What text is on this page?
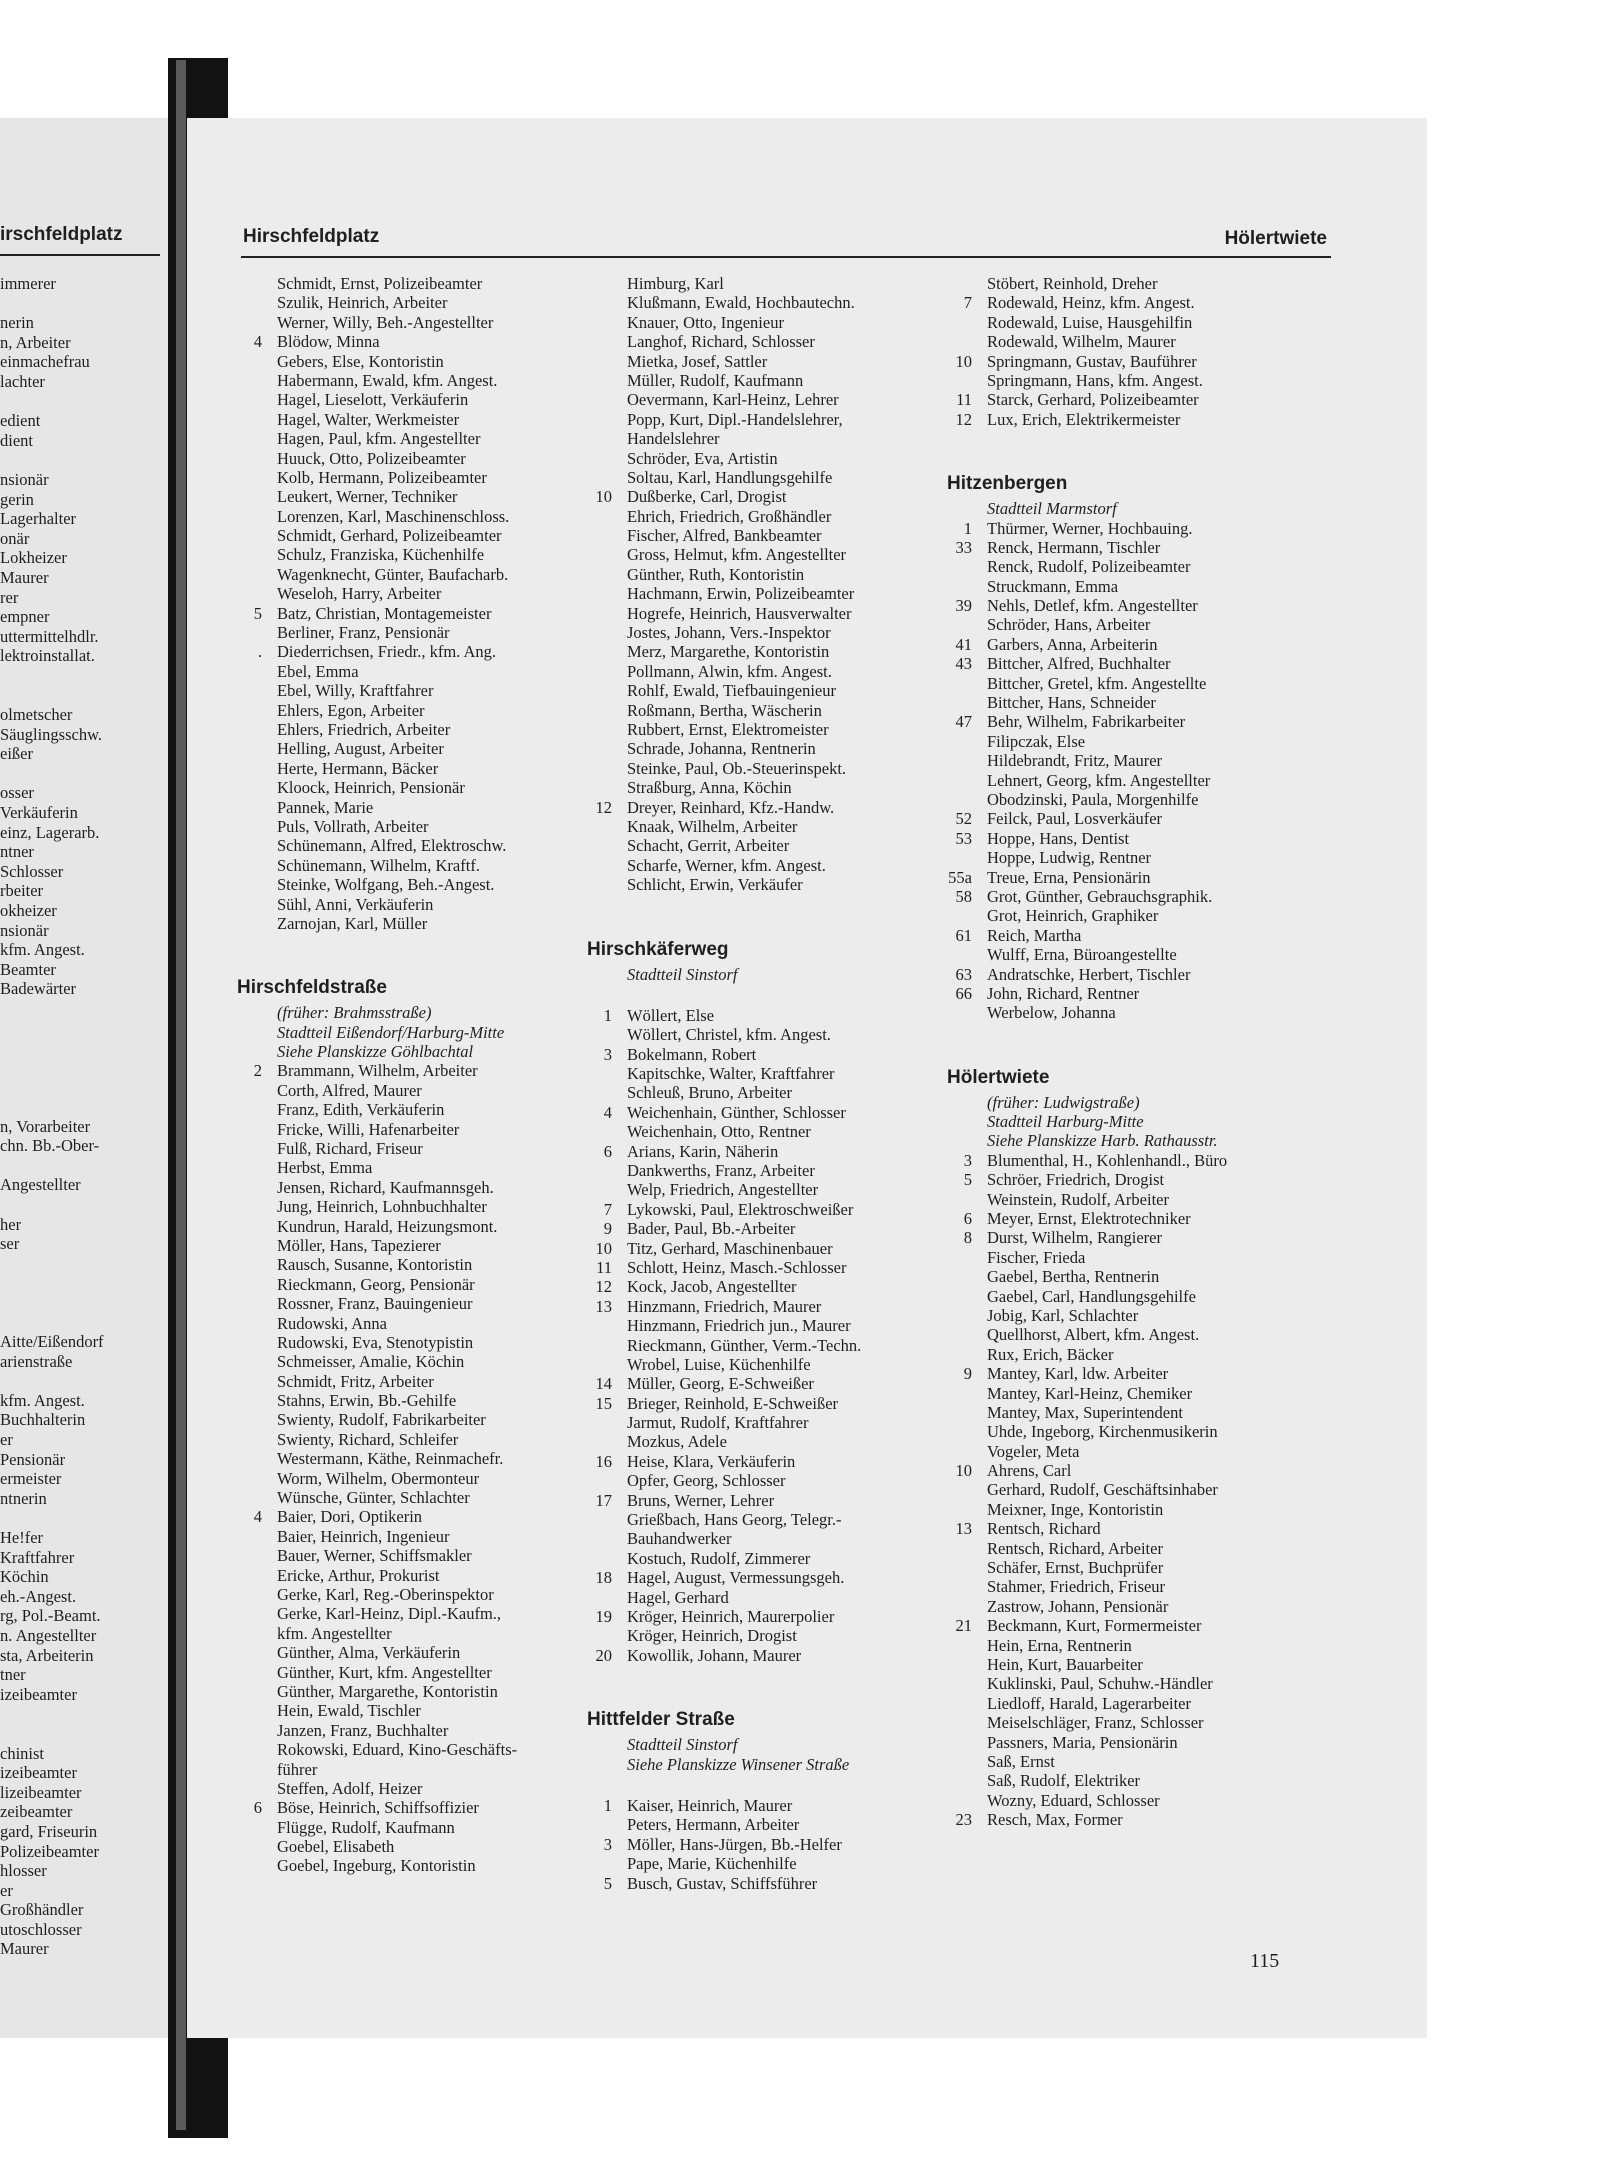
irschfeldplatz
immerer
nerin
n, Arbeiter
einmachefrau
lachter
edient
dient
nsionär
gerin
Lagerhalter
onär
Lokheizer
Maurer
rer
empner
uttermittelhdlr.
lektroinstallat.
olmetscher
Säuglingsschw.
eißer
osser
Verkäuferin
einz, Lagerarb.
ntner
Schlosser
rbeiter
okheizer
nsionär
kfm. Angest.
Beamter
Badewärter
n, Vorarbeiter
chn. Bb.-Ober-
Angestellter
her
ser
Aitte/Eißendorf
arienstraße
kfm. Angest.
Buchhalterin
er
Pensionär
ermeister
ntnerin
He!fer
Kraftfahrer
Köchin
eh.-Angest.
rg, Pol.-Beamt.
n. Angestellter
sta, Arbeiterin
tner
izeibeamter
chinist
izeibeamter
lizeibeamter
zeibeamter
gard, Friseurin
Polizeibeamter
hlosser
er
Großhändler
utoschlosser
Maurer
Hirschfeldplatz	Hölertwiete
Schmidt, Ernst, Polizeibeamter
Szulik, Heinrich, Arbeiter
Werner, Willy, Beh.-Angestellter
4 Blödow, Minna
Gebers, Else, Kontoristin
Habermann, Ewald, kfm. Angest.
Hagel, Lieselott, Verkäuferin
Hagel, Walter, Werkmeister
Hagen, Paul, kfm. Angestellter
Huuck, Otto, Polizeibeamter
Kolb, Hermann, Polizeibeamter
Leukert, Werner, Techniker
Lorenzen, Karl, Maschinenschloss.
Schmidt, Gerhard, Polizeibeamter
Schulz, Franziska, Küchenhilfe
Wagenknecht, Günter, Baufacharb.
Weseloh, Harry, Arbeiter
5 Batz, Christian, Montagemeister
Berliner, Franz, Pensionär
. Diederrichsen, Friedr., kfm. Ang.
Ebel, Emma
Ebel, Willy, Kraftfahrer
Ehlers, Egon, Arbeiter
Ehlers, Friedrich, Arbeiter
Helling, August, Arbeiter
Herte, Hermann, Bäcker
Kloock, Heinrich, Pensionär
Pannek, Marie
Puls, Vollrath, Arbeiter
Schünemann, Alfred, Elektroschw.
Schünemann, Wilhelm, Kraftf.
Steinke, Wolfgang, Beh.-Angest.
Sühl, Anni, Verkäuferin
Zarnojan, Karl, Müller
Hirschfeldstraße
(früher: Brahmsstraße)
Stadtteil Eißendorf/Harburg-Mitte
Siehe Planskizze Göhlbachtal
2 Brammann, Wilhelm, Arbeiter
Corth, Alfred, Maurer
Franz, Edith, Verkäuferin
Fricke, Willi, Hafenarbeiter
Fulß, Richard, Friseur
Herbst, Emma
Jensen, Richard, Kaufmannsgeh.
Jung, Heinrich, Lohnbuchhalter
Kundrun, Harald, Heizungsmont.
Möller, Hans, Tapezierer
Rausch, Susanne, Kontoristin
Rieckmann, Georg, Pensionär
Rossner, Franz, Bauingenieur
Rudowski, Anna
Rudowski, Eva, Stenotypistin
Schmeisser, Amalie, Köchin
Schmidt, Fritz, Arbeiter
Stahns, Erwin, Bb.-Gehilfe
Swienty, Rudolf, Fabrikarbeiter
Swienty, Richard, Schleifer
Westermann, Käthe, Reinmachefr.
Worm, Wilhelm, Obermonteur
Wünsche, Günter, Schlachter
4 Baier, Dori, Optikerin
Baier, Heinrich, Ingenieur
Bauer, Werner, Schiffsmakler
Ericke, Arthur, Prokurist
Gerke, Karl, Reg.-Oberinspektor
Gerke, Karl-Heinz, Dipl.-Kaufm.,
kfm. Angestellter
Günther, Alma, Verkäuferin
Günther, Kurt, kfm. Angestellter
Günther, Margarethe, Kontoristin
Hein, Ewald, Tischler
Janzen, Franz, Buchhalter
Rokowski, Eduard, Kino-Geschäfts-
führer
Steffen, Adolf, Heizer
6 Böse, Heinrich, Schiffsoffizier
Flügge, Rudolf, Kaufmann
Goebel, Elisabeth
Goebel, Ingeburg, Kontoristin
Himburg, Karl
Klußmann, Ewald, Hochbautechn.
Knauer, Otto, Ingenieur
Langhof, Richard, Schlosser
Mietka, Josef, Sattler
Müller, Rudolf, Kaufmann
Oevermann, Karl-Heinz, Lehrer
Popp, Kurt, Dipl.-Handelslehrer,
Handelslehrer
Schröder, Eva, Artistin
Soltau, Karl, Handlungsgehilfe
10 Dußberke, Carl, Drogist
Ehrich, Friedrich, Großhändler
Fischer, Alfred, Bankbeamter
Gross, Helmut, kfm. Angestellter
Günther, Ruth, Kontoristin
Hachmann, Erwin, Polizeibeamter
Hogrefe, Heinrich, Hausverwalter
Jostes, Johann, Vers.-Inspektor
Merz, Margarethe, Kontoristin
Pollmann, Alwin, kfm. Angest.
Rohlf, Ewald, Tiefbauingenieur
Roßmann, Bertha, Wäscherin
Rubbert, Ernst, Elektromeister
Schrade, Johanna, Rentnerin
Steinke, Paul, Ob.-Steuerinspekt.
Straßburg, Anna, Köchin
12 Dreyer, Reinhard, Kfz.-Handw.
Knaak, Wilhelm, Arbeiter
Schacht, Gerrit, Arbeiter
Scharfe, Werner, kfm. Angest.
Schlicht, Erwin, Verkäufer
Hirschkäferweg
Stadtteil Sinstorf
1 Wöllert, Else
Wöllert, Christel, kfm. Angest.
3 Bokelmann, Robert
Kapitschke, Walter, Kraftfahrer
Schleuß, Bruno, Arbeiter
4 Weichenhain, Günther, Schlosser
Weichenhain, Otto, Rentner
6 Arians, Karin, Näherin
Dankwerths, Franz, Arbeiter
Welp, Friedrich, Angestellter
7 Lykowski, Paul, Elektroschweißer
9 Bader, Paul, Bb.-Arbeiter
10 Titz, Gerhard, Maschinenbauer
11 Schlott, Heinz, Masch.-Schlosser
12 Kock, Jacob, Angestellter
13 Hinzmann, Friedrich, Maurer
Hinzmann, Friedrich jun., Maurer
Rieckmann, Günther, Verm.-Techn.
Wrobel, Luise, Küchenhilfe
14 Müller, Georg, E-Schweißer
15 Brieger, Reinhold, E-Schweißer
Jarmut, Rudolf, Kraftfahrer
Mozkus, Adele
16 Heise, Klara, Verkäuferin
Opfer, Georg, Schlosser
17 Bruns, Werner, Lehrer
Grießbach, Hans Georg, Telegr.-
Bauhandwerker
Kostuch, Rudolf, Zimmerer
18 Hagel, August, Vermessungsgeh.
Hagel, Gerhard
19 Kröger, Heinrich, Maurerpolier
Kröger, Heinrich, Drogist
20 Kowollik, Johann, Maurer
Hittfelder Straße
Stadtteil Sinstorf
Siehe Planskizze Winsener Straße
1 Kaiser, Heinrich, Maurer
Peters, Hermann, Arbeiter
3 Möller, Hans-Jürgen, Bb.-Helfer
Pape, Marie, Küchenhilfe
5 Busch, Gustav, Schiffsführer
Stöbert, Reinhold, Dreher
7 Rodewald, Heinz, kfm. Angest.
Rodewald, Luise, Hausgehilfin
Rodewald, Wilhelm, Maurer
10 Springmann, Gustav, Bauführer
Springmann, Hans, kfm. Angest.
11 Starck, Gerhard, Polizeibeamter
12 Lux, Erich, Elektrikermeister
Hitzenbergen
Stadtteil Marmstorf
1 Thürmer, Werner, Hochbauing.
33 Renck, Hermann, Tischler
Renck, Rudolf, Polizeibeamter
Struckmann, Emma
39 Nehls, Detlef, kfm. Angestellter
Schröder, Hans, Arbeiter
41 Garbers, Anna, Arbeiterin
43 Bittcher, Alfred, Buchhalter
Bittcher, Gretel, kfm. Angestellte
Bittcher, Hans, Schneider
47 Behr, Wilhelm, Fabrikarbeiter
Filipczak, Else
Hildebrandt, Fritz, Maurer
Lehnert, Georg, kfm. Angestellter
Obodzinski, Paula, Morgenhilfe
52 Feilck, Paul, Losverkäufer
53 Hoppe, Hans, Dentist
Hoppe, Ludwig, Rentner
55a Treue, Erna, Pensionärin
58 Grot, Günther, Gebrauchsgraphik.
Grot, Heinrich, Graphiker
61 Reich, Martha
Wulff, Erna, Büroangestellte
63 Andratschke, Herbert, Tischler
66 John, Richard, Rentner
Werbelow, Johanna
Hölertwiete
(früher: Ludwigstraße)
Stadtteil Harburg-Mitte
Siehe Planskizze Harb. Rathausstr.
3 Blumenthal, H., Kohlenhandl., Büro
5 Schröer, Friedrich, Drogist
Weinstein, Rudolf, Arbeiter
6 Meyer, Ernst, Elektrotechniker
8 Durst, Wilhelm, Rangierer
Fischer, Frieda
Gaebel, Bertha, Rentnerin
Gaebel, Carl, Handlungsgehilfe
Jobig, Karl, Schlachter
Quellhorst, Albert, kfm. Angest.
Rux, Erich, Bäcker
9 Mantey, Karl, ldw. Arbeiter
Mantey, Karl-Heinz, Chemiker
Mantey, Max, Superintendent
Uhde, Ingeborg, Kirchenmusikerin
Vogeler, Meta
10 Ahrens, Carl
Gerhard, Rudolf, Geschäftsinhaber
Meixner, Inge, Kontoristin
13 Rentsch, Richard
Rentsch, Richard, Arbeiter
Schäfer, Ernst, Buchprüfer
Stahmer, Friedrich, Friseur
Zastrow, Johann, Pensionär
21 Beckmann, Kurt, Formermeister
Hein, Erna, Rentnerin
Hein, Kurt, Bauarbeiter
Kuklinski, Paul, Schuhw.-Händler
Liedloff, Harald, Lagerarbeiter
Meiselschläger, Franz, Schlosser
Passners, Maria, Pensionärin
Saß, Ernst
Saß, Rudolf, Elektriker
Wozny, Eduard, Schlosser
23 Resch, Max, Former
115
